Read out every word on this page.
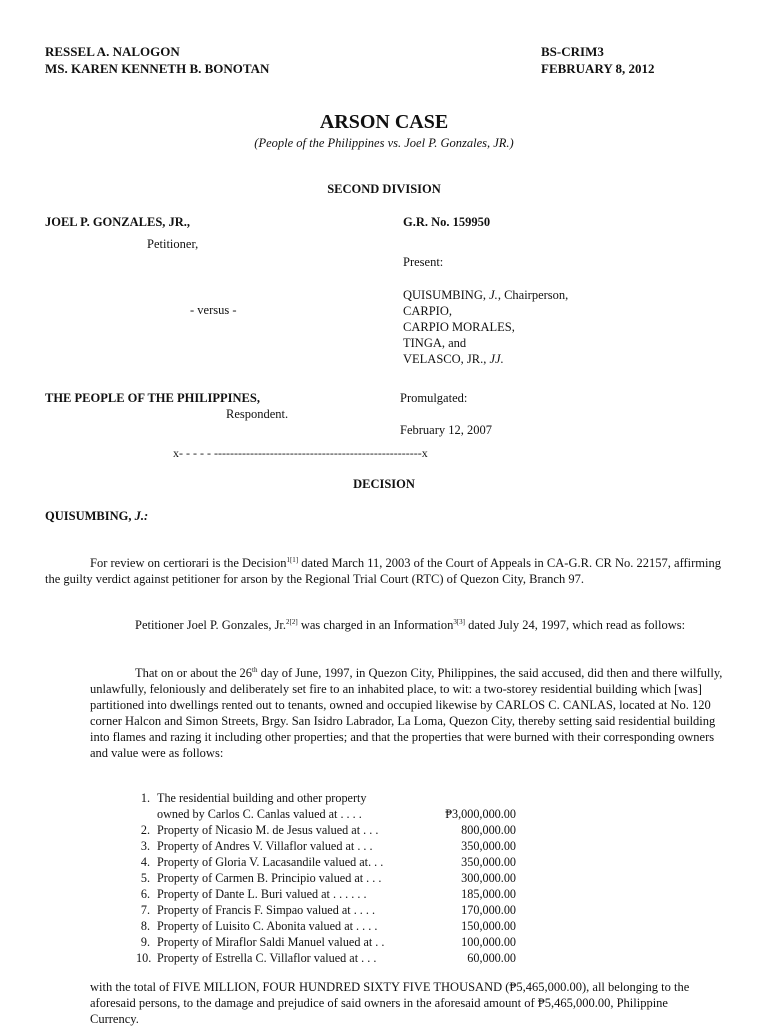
RESSEL A. NALOGON
MS. KAREN KENNETH B. BONOTAN
BS-CRIM3
FEBRUARY 8, 2012
ARSON CASE
(People of the Philippines vs. Joel P. Gonzales, JR.)
SECOND DIVISION
JOEL P. GONZALES, JR.,
Petitioner,
G.R. No. 159950
Present:
QUISUMBING, J., Chairperson,
CARPIO,
CARPIO MORALES,
TINGA, and
VELASCO, JR., JJ.
- versus -
THE PEOPLE OF THE PHILIPPINES,
Respondent.
Promulgated:
February 12, 2007
x- - - - - ----------------------------------------------------x
DECISION
QUISUMBING, J.:
For review on certiorari is the Decision$^{1[1]}$ dated March 11, 2003 of the Court of Appeals in CA-G.R. CR No. 22157, affirming the guilty verdict against petitioner for arson by the Regional Trial Court (RTC) of Quezon City, Branch 97.
Petitioner Joel P. Gonzales, Jr.$^{2[2]}$ was charged in an Information$^{3[3]}$ dated July 24, 1997, which read as follows:
That on or about the 26th day of June, 1997, in Quezon City, Philippines, the said accused, did then and there wilfully, unlawfully, feloniously and deliberately set fire to an inhabited place, to wit: a two-storey residential building which [was] partitioned into dwellings rented out to tenants, owned and occupied likewise by CARLOS C. CANLAS, located at No. 120 corner Halcon and Simon Streets, Brgy. San Isidro Labrador, La Loma, Quezon City, thereby setting said residential building into flames and razing it including other properties; and that the properties that were burned with their corresponding owners and value were as follows:
1. The residential building and other property
owned by Carlos C. Canlas valued at . . . .	₱3,000,000.00
2. Property of Nicasio M. de Jesus valued at . . .	800,000.00
3. Property of Andres V. Villaflor valued at . . .	350,000.00
4. Property of Gloria V. Lacasandile valued at. . .	350,000.00
5. Property of Carmen B. Principio valued at . . .	300,000.00
6. Property of Dante L. Buri valued at . . . . . .	185,000.00
7. Property of Francis F. Simpao valued at . . . .	170,000.00
8. Property of Luisito C. Abonita valued at . . . .	150,000.00
9. Property of Miraflor Saldi Manuel valued at . .	100,000.00
10. Property of Estrella C. Villaflor valued at . . .	60,000.00
with the total of FIVE MILLION, FOUR HUNDRED SIXTY FIVE THOUSAND (₱5,465,000.00), all belonging to the aforesaid persons, to the damage and prejudice of said owners in the aforesaid amount of ₱5,465,000.00, Philippine Currency.
